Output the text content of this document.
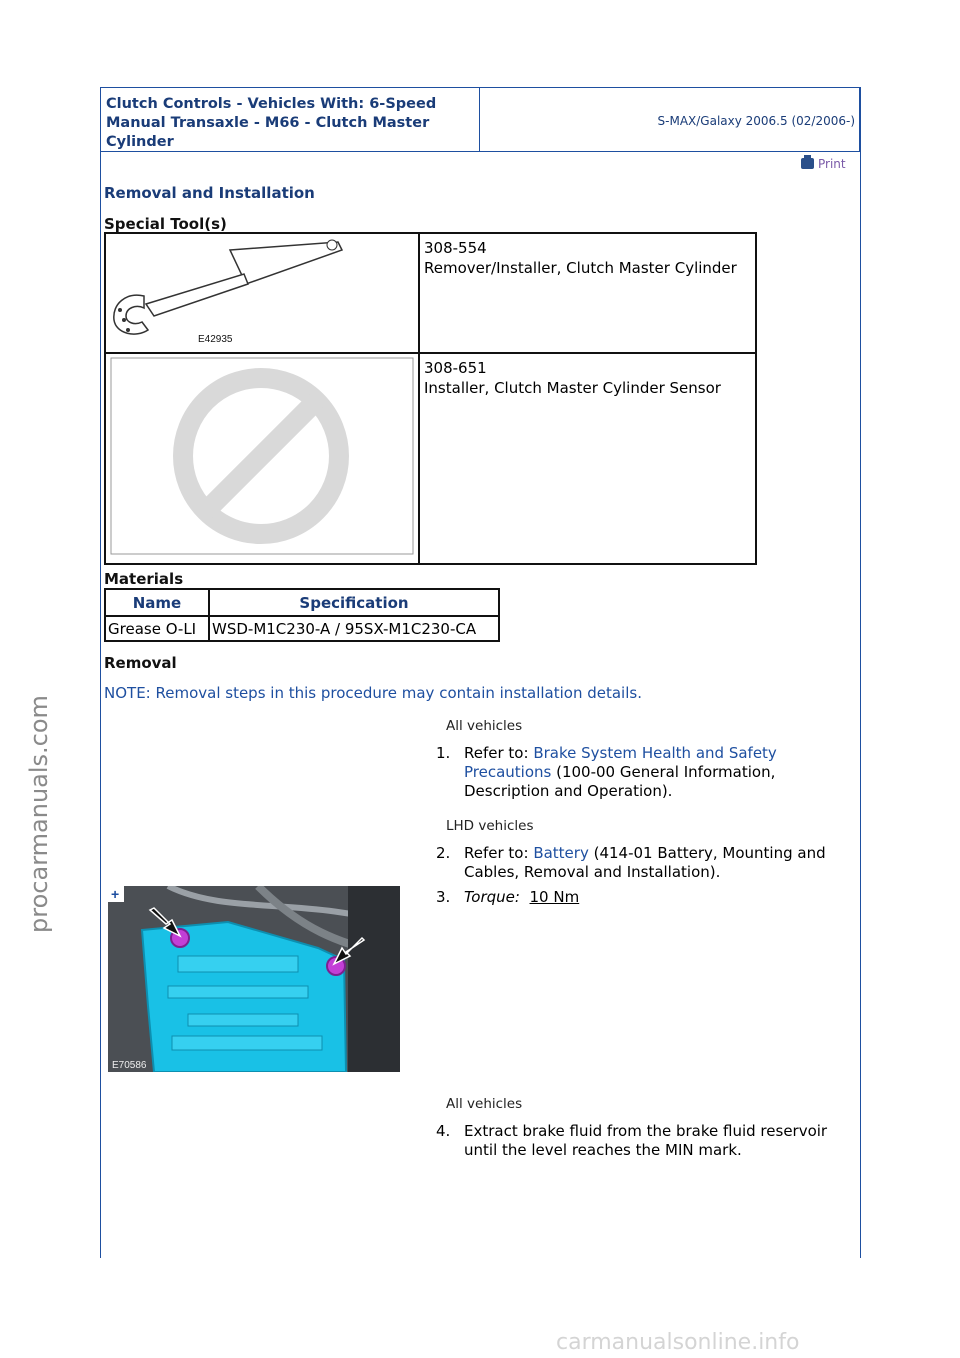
Clutch Controls - Vehicles With: 6-Speed Manual Transaxle - M66 - Clutch Master Cylinder
S-MAX/Galaxy 2006.5 (02/2006-)
Print
Removal and Installation
Special Tool(s)
E42935	308-554
Remover/Installer, Clutch Master Cylinder

308-651
Installer, Clutch Master Cylinder Sensor
Materials
Name	Specification
Grease O-LI	WSD-M1C230-A / 95SX-M1C230-CA
Removal
NOTE: Removal steps in this procedure may contain installation details.
All vehicles
1. Refer to: Brake System Health and Safety Precautions (100-00 General Information, Description and Operation).
LHD vehicles
2. Refer to: Battery (414-01 Battery, Mounting and Cables, Removal and Installation).
3. Torque: 10 Nm
+
E70586
All vehicles
4. Extract brake fluid from the brake fluid reservoir until the level reaches the MIN mark.
procarmanuals.com
carmanualsonline.info
